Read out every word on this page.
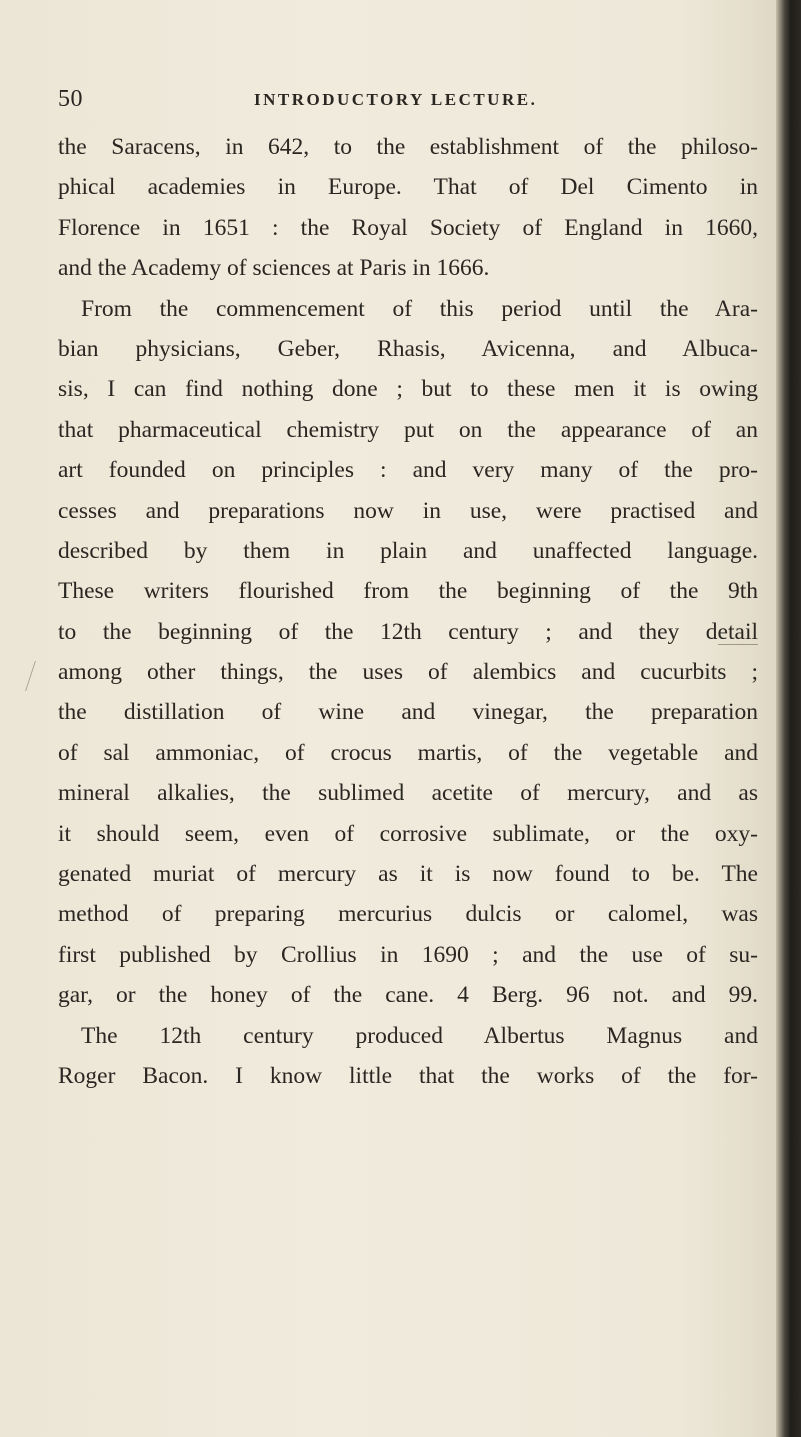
50	INTRODUCTORY LECTURE.
the Saracens, in 642, to the establishment of the philoso-
phical academies in Europe. That of Del Cimento in
Florence in 1651 : the Royal Society of England in 1660,
and the Academy of sciences at Paris in 1666.
From the commencement of this period until the Ara-
bian physicians, Geber, Rhasis, Avicenna, and Albuca-
sis, I can find nothing done ; but to these men it is owing
that pharmaceutical chemistry put on the appearance of an
art founded on principles : and very many of the pro-
cesses and preparations now in use, were practised and
described by them in plain and unaffected language.
These writers flourished from the beginning of the 9th
to the beginning of the 12th century ; and they detail
among other things, the uses of alembics and cucurbits ;
the distillation of wine and vinegar, the preparation
of sal ammoniac, of crocus martis, of the vegetable and
mineral alkalies, the sublimed acetite of mercury, and as
it should seem, even of corrosive sublimate, or the oxy-
genated muriat of mercury as it is now found to be. The
method of preparing mercurius dulcis or calomel, was
first published by Crollius in 1690 ; and the use of su-
gar, or the honey of the cane. 4 Berg. 96 not. and 99.
The 12th century produced Albertus Magnus and
Roger Bacon. I know little that the works of the for-
